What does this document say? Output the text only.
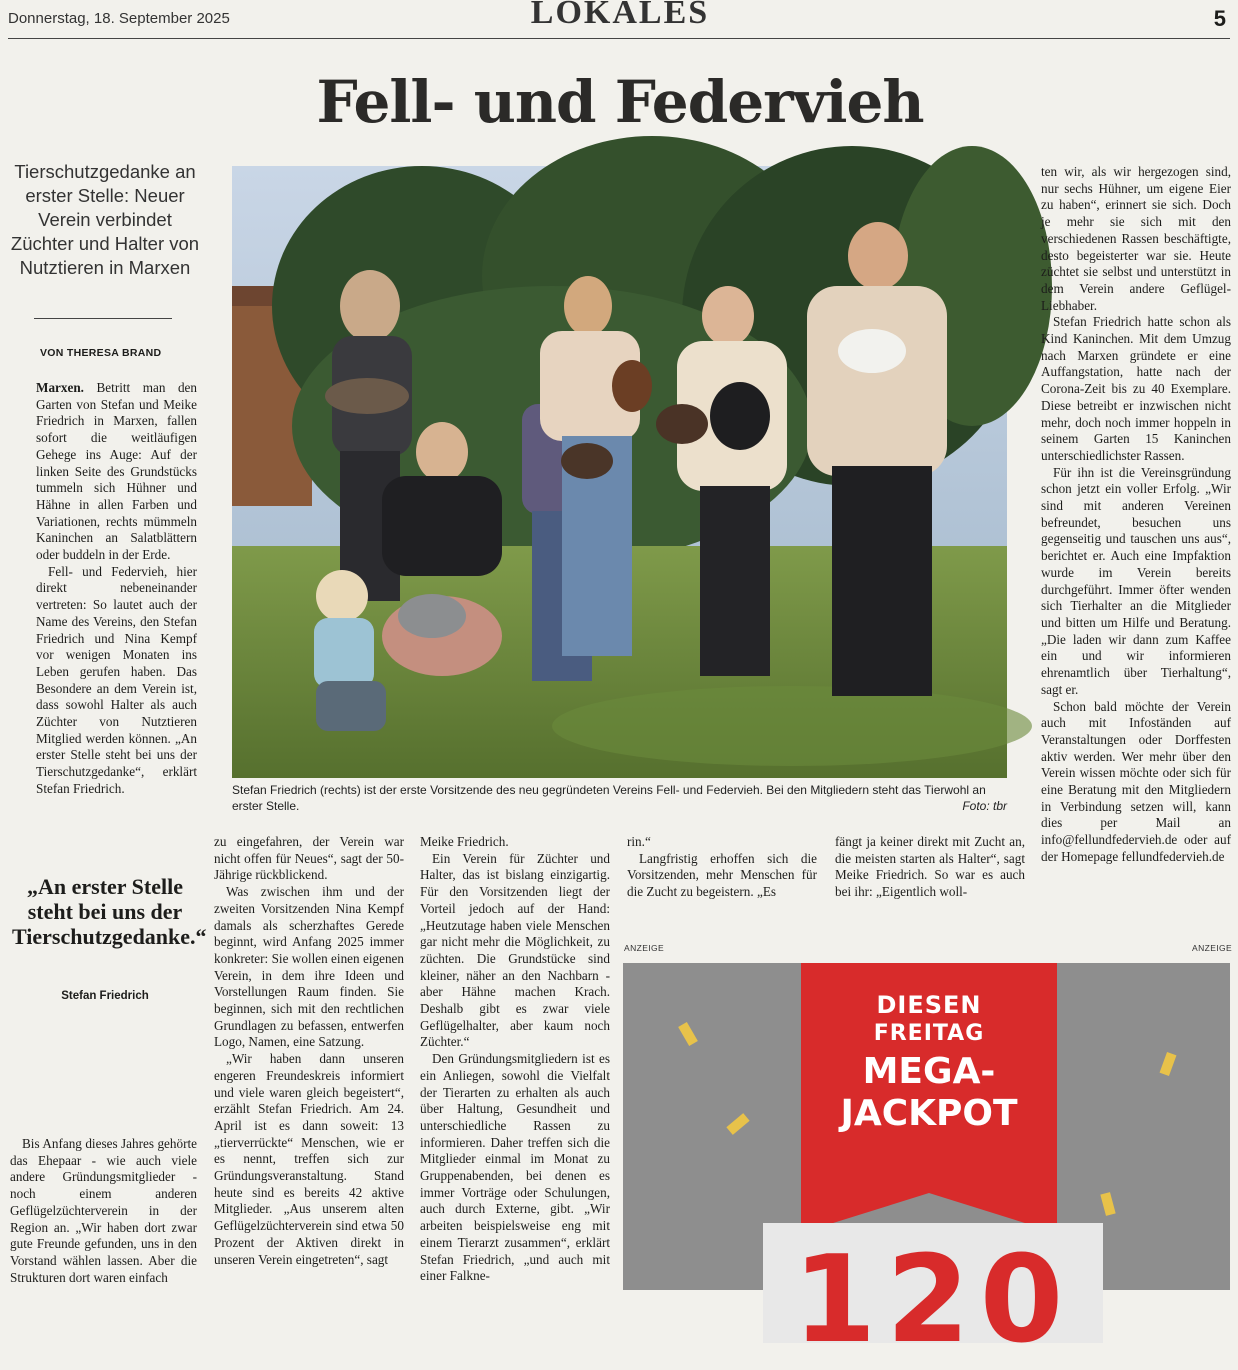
Donnerstag, 18. September 2025	LOKALES	5
Fell- und Federvieh
Tierschutzgedanke an erster Stelle: Neuer Verein verbindet Züchter und Halter von Nutztieren in Marxen
VON THERESA BRAND
Stefan Friedrich (rechts) ist der erste Vorsitzende des neu gegründeten Vereins Fell- und Federvieh. Bei den Mitgliedern steht das Tierwohl an erster Stelle.	Foto: tbr

Marxen. Betritt man den Garten von Stefan und Meike Friedrich in Marxen, fallen sofort die weitläufigen Gehege ins Auge: Auf der linken Seite des Grundstücks tummeln sich Hühner und Hähne in allen Farben und Variationen, rechts mümmeln Kaninchen an Salatblättern oder buddeln in der Erde.

Fell- und Federvieh, hier direkt nebeneinander vertreten: So lautet auch der Name des Vereins, den Stefan Friedrich und Nina Kempf vor wenigen Monaten ins Leben gerufen haben. Das Besondere an dem Verein ist, dass sowohl Halter als auch Züchter von Nutztieren Mitglied werden können. „An erster Stelle steht bei uns der Tierschutzgedanke“, erklärt Stefan Friedrich.

„An erster Stelle steht bei uns der Tierschutzgedanke.“
Stefan Friedrich

Bis Anfang dieses Jahres gehörte das Ehepaar - wie auch viele andere Gründungsmitglieder - noch einem anderen Geflügelzüchterverein in der Region an. „Wir haben dort zwar gute Freunde gefunden, uns in den Vorstand wählen lassen. Aber die Strukturen dort waren einfach

zu eingefahren, der Verein war nicht offen für Neues“, sagt der 50-Jährige rückblickend.

Was zwischen ihm und der zweiten Vorsitzenden Nina Kempf damals als scherzhaftes Gerede beginnt, wird Anfang 2025 immer konkreter: Sie wollen einen eigenen Verein, in dem ihre Ideen und Vorstellungen Raum finden. Sie beginnen, sich mit den rechtlichen Grundlagen zu befassen, entwerfen Logo, Namen, eine Satzung.

„Wir haben dann unseren engeren Freundeskreis informiert und viele waren gleich begeistert“, erzählt Stefan Friedrich. Am 24. April ist es dann soweit: 13 „tierverrückte“ Menschen, wie er es nennt, treffen sich zur Gründungsveranstaltung. Stand heute sind es bereits 42 aktive Mitglieder. „Aus unserem alten Geflügelzüchterverein sind etwa 50 Prozent der Aktiven direkt in unseren Verein eingetreten“, sagt

Meike Friedrich.

Ein Verein für Züchter und Halter, das ist bislang einzigartig. Für den Vorsitzenden liegt der Vorteil jedoch auf der Hand: „Heutzutage haben viele Menschen gar nicht mehr die Möglichkeit, zu züchten. Die Grundstücke sind kleiner, näher an den Nachbarn - aber Hähne machen Krach. Deshalb gibt es zwar viele Geflügelhalter, aber kaum noch Züchter.“

Den Gründungsmitgliedern ist es ein Anliegen, sowohl die Vielfalt der Tierarten zu erhalten als auch über Haltung, Gesundheit und unterschiedliche Rassen zu informieren. Daher treffen sich die Mitglieder einmal im Monat zu Gruppenabenden, bei denen es immer Vorträge oder Schulungen, auch durch Externe, gibt. „Wir arbeiten beispielsweise eng mit einem Tierarzt zusammen“, erklärt Stefan Friedrich, „und auch mit einer Falkne-

rin.“

Langfristig erhoffen sich die Vorsitzenden, mehr Menschen für die Zucht zu begeistern. „Es

fängt ja keiner direkt mit Zucht an, die meisten starten als Halter“, sagt Meike Friedrich. So war es auch bei ihr: „Eigentlich woll-

ten wir, als wir hergezogen sind, nur sechs Hühner, um eigene Eier zu haben“, erinnert sie sich. Doch je mehr sie sich mit den verschiedenen Rassen beschäftigte, desto begeisterter war sie. Heute züchtet sie selbst und unterstützt in dem Verein andere Geflügel-Liebhaber.

Stefan Friedrich hatte schon als Kind Kaninchen. Mit dem Umzug nach Marxen gründete er eine Auffangstation, hatte nach der Corona-Zeit bis zu 40 Exemplare. Diese betreibt er inzwischen nicht mehr, doch noch immer hoppeln in seinem Garten 15 Kaninchen unterschiedlichster Rassen.

Für ihn ist die Vereinsgründung schon jetzt ein voller Erfolg. „Wir sind mit anderen Vereinen befreundet, besuchen uns gegenseitig und tauschen uns aus“, berichtet er. Auch eine Impfaktion wurde im Verein bereits durchgeführt. Immer öfter wenden sich Tierhalter an die Mitglieder und bitten um Hilfe und Beratung. „Die laden wir dann zum Kaffee ein und wir informieren ehrenamtlich über Tierhaltung“, sagt er.

Schon bald möchte der Verein auch mit Infoständen auf Veranstaltungen oder Dorffesten aktiv werden. Wer mehr über den Verein wissen möchte oder sich für eine Beratung mit den Mitgliedern in Verbindung setzen will, kann dies per Mail an info@fellundfedervieh.de oder auf der Homepage fellundfedervieh.de

ANZEIGE	ANZEIGE
DIESEN
FREITAG
MEGA-
JACKPOT
120
